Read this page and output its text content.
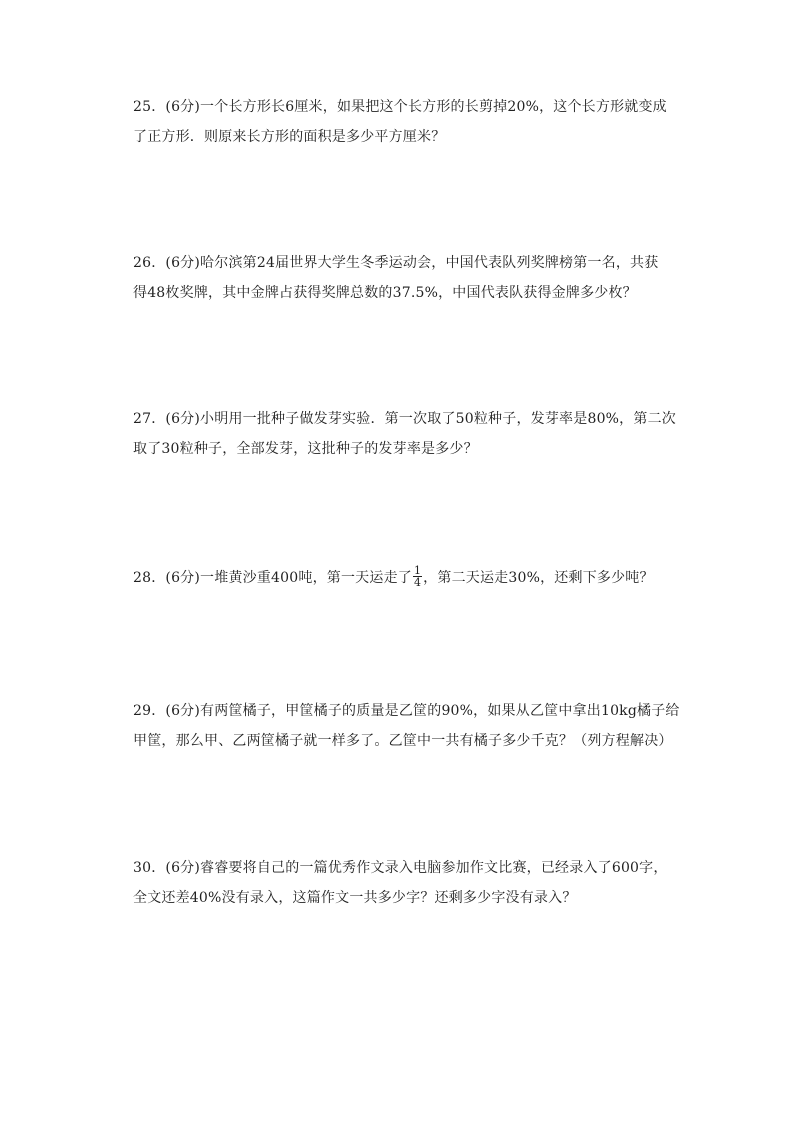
25．(6分)一个长方形长6厘米，如果把这个长方形的长剪掉20%，这个长方形就变成
了正方形．则原来长方形的面积是多少平方厘米？
26．(6分)哈尔滨第24届世界大学生冬季运动会，中国代表队列奖牌榜第一名，共获
得48枚奖牌，其中金牌占获得奖牌总数的37.5%，中国代表队获得金牌多少枚？
27．(6分)小明用一批种子做发芽实验．第一次取了50粒种子，发芽率是80%，第二次
取了30粒种子，全部发芽，这批种子的发芽率是多少？
28．(6分)一堆黄沙重400吨，第一天运走了 $\frac{1}{4}$ ，第二天运走30%，还剩下多少吨？
29．(6分)有两筐橘子，甲筐橘子的质量是乙筐的90%，如果从乙筐中拿出10kg橘子给
甲筐，那么甲、乙两筐橘子就一样多了。乙筐中一共有橘子多少千克？（列方程解决）
30．(6分)睿睿要将自己的一篇优秀作文录入电脑参加作文比赛，已经录入了600字，
全文还差40%没有录入，这篇作文一共多少字？还剩多少字没有录入？
